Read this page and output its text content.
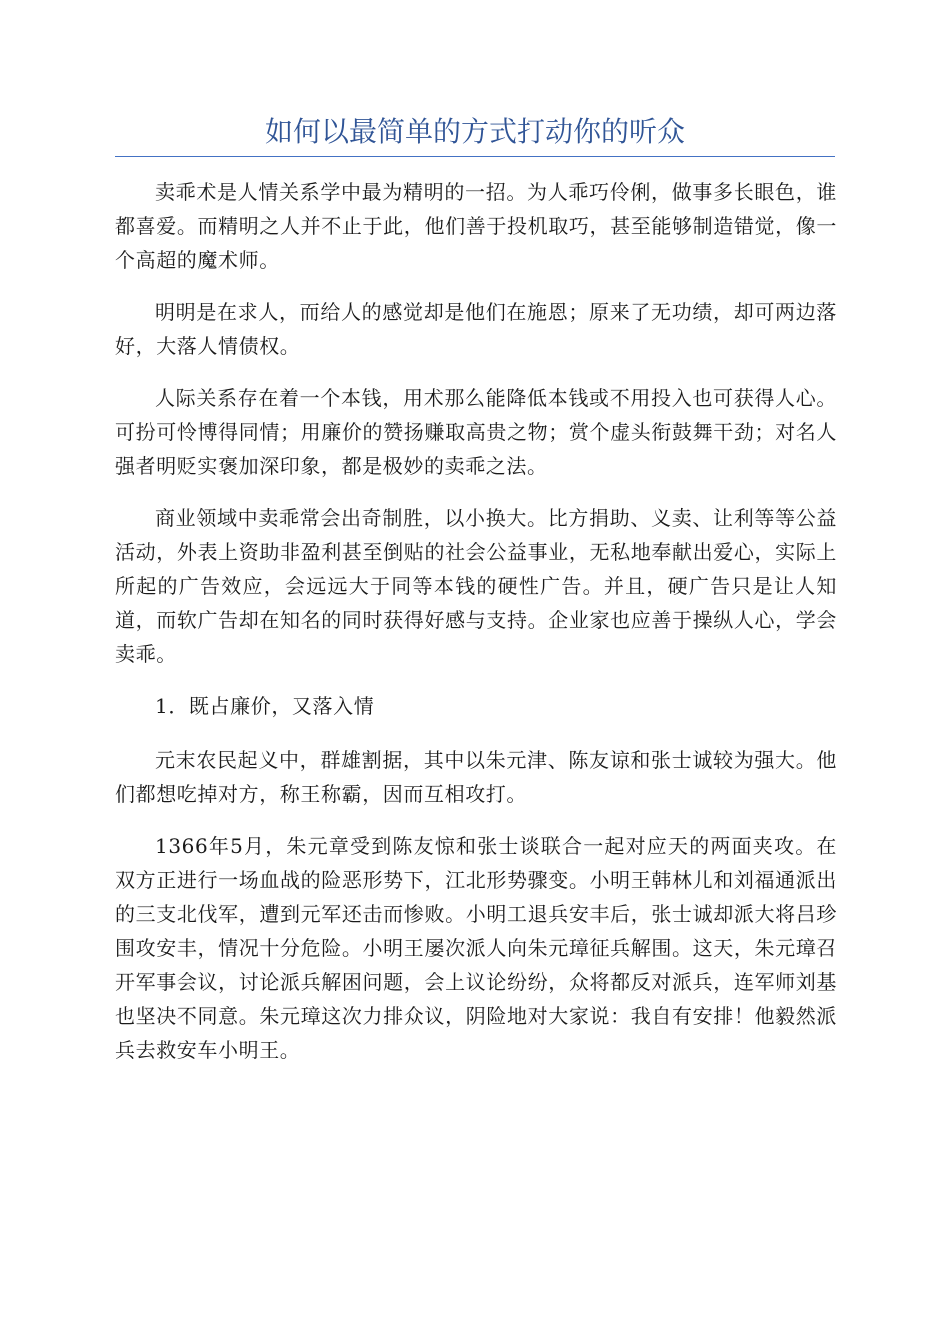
如何以最简单的方式打动你的听众

卖乖术是人情关系学中最为精明的一招。为人乖巧伶俐，做事多长眼色，谁都喜爱。而精明之人并不止于此，他们善于投机取巧，甚至能够制造错觉，像一个高超的魔术师。

明明是在求人，而给人的感觉却是他们在施恩；原来了无功绩，却可两边落好，大落人情债权。

人际关系存在着一个本钱，用术那么能降低本钱或不用投入也可获得人心。可扮可怜博得同情；用廉价的赞扬赚取高贵之物；赏个虚头衔鼓舞干劲；对名人强者明贬实褒加深印象，都是极妙的卖乖之法。

商业领域中卖乖常会出奇制胜，以小换大。比方捐助、义卖、让利等等公益活动，外表上资助非盈利甚至倒贴的社会公益事业，无私地奉献出爱心，实际上所起的广告效应，会远远大于同等本钱的硬性广告。并且，硬广告只是让人知道，而软广告却在知名的同时获得好感与支持。企业家也应善于操纵人心，学会卖乖。

1．既占廉价，又落入情

元末农民起义中，群雄割据，其中以朱元津、陈友谅和张士诚较为强大。他们都想吃掉对方，称王称霸，因而互相攻打。

1366年5月，朱元章受到陈友惊和张士谈联合一起对应天的两面夹攻。在双方正进行一场血战的险恶形势下，江北形势骤变。小明王韩林儿和刘福通派出的三支北伐军，遭到元军还击而惨败。小明工退兵安丰后，张士诚却派大将吕珍围攻安丰，情况十分危险。小明王屡次派人向朱元璋征兵解围。这天，朱元璋召开军事会议，讨论派兵解困问题，会上议论纷纷，众将都反对派兵，连军师刘基也坚决不同意。朱元璋这次力排众议，阴险地对大家说：我自有安排！他毅然派兵去救安车小明王。
